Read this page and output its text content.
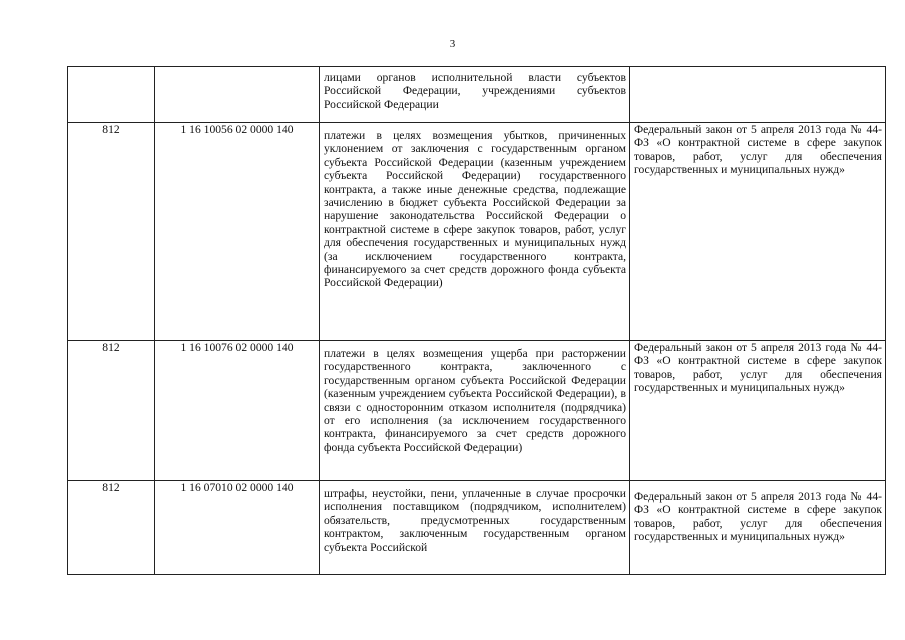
3

		лицами органов исполнительной власти субъектов Российской Федерации, учреждениями субъектов Российской Федерации	

812	1 16 10056 02 0000 140	платежи в целях возмещения убытков, причиненных уклонением от заключения с государственным органом субъекта Российской Федерации (казенным учреждением субъекта Российской Федерации) государственного контракта, а также иные денежные средства, подлежащие зачислению в бюджет субъекта Российской Федерации за нарушение законодательства Российской Федерации о контрактной системе в сфере закупок товаров, работ, услуг для обеспечения государственных и муниципальных нужд (за исключением государственного контракта, финансируемого за счет средств дорожного фонда субъекта Российской Федерации)	Федеральный закон от 5 апреля 2013 года № 44-ФЗ «О контрактной системе в сфере закупок товаров, работ, услуг для обеспечения государственных и муниципальных нужд»

812	1 16 10076 02 0000 140	платежи в целях возмещения ущерба при расторжении государственного контракта, заключенного с государственным органом субъекта Российской Федерации (казенным учреждением субъекта Российской Федерации), в связи с односторонним отказом исполнителя (подрядчика) от его исполнения (за исключением государственного контракта, финансируемого за счет средств дорожного фонда субъекта Российской Федерации)	Федеральный закон от 5 апреля 2013 года № 44-ФЗ «О контрактной системе в сфере закупок товаров, работ, услуг для обеспечения государственных и муниципальных нужд»

812	1 16 07010 02 0000 140	штрафы, неустойки, пени, уплаченные в случае просрочки исполнения поставщиком (подрядчиком, исполнителем) обязательств, предусмотренных государственным контрактом, заключенным государственным органом субъекта Российской	Федеральный закон от 5 апреля 2013 года № 44-ФЗ «О контрактной системе в сфере закупок товаров, работ, услуг для обеспечения государственных и муниципальных нужд»
